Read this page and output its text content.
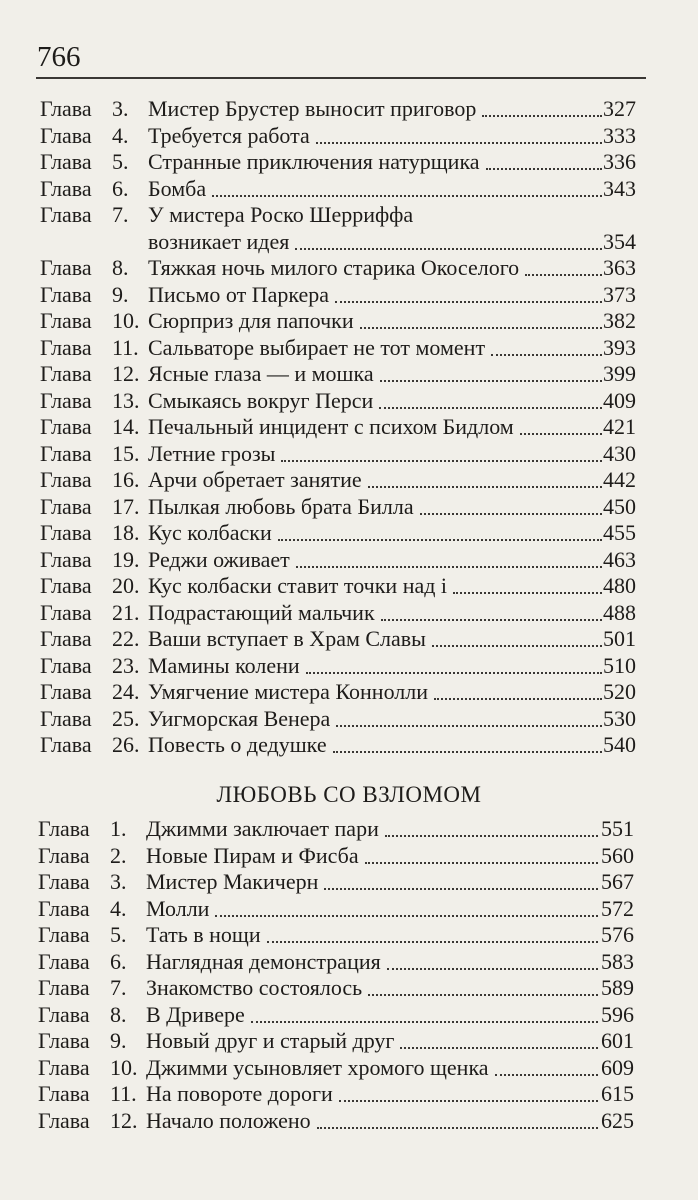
766
Глава 3. Мистер Брустер выносит приговор	327
Глава 4. Требуется работа	333
Глава 5. Странные приключения натурщика	336
Глава 6. Бомба	343
Глава 7. У мистера Роско Шерриффа
возникает идея	354
Глава 8. Тяжкая ночь милого старика Окоселого	363
Глава 9. Письмо от Паркера	373
Глава 10. Сюрприз для папочки	382
Глава 11. Сальваторе выбирает не тот момент	393
Глава 12. Ясные глаза — и мошка	399
Глава 13. Смыкаясь вокруг Перси	409
Глава 14. Печальный инцидент с психом Бидлом	421
Глава 15. Летние грозы	430
Глава 16. Арчи обретает занятие	442
Глава 17. Пылкая любовь брата Билла	450
Глава 18. Кус колбаски	455
Глава 19. Реджи оживает	463
Глава 20. Кус колбаски ставит точки над і	480
Глава 21. Подрастающий мальчик	488
Глава 22. Ваши вступает в Храм Славы	501
Глава 23. Мамины колени	510
Глава 24. Умягчение мистера Коннолли	520
Глава 25. Уигморская Венера	530
Глава 26. Повесть о дедушке	540
ЛЮБОВЬ СО ВЗЛОМОМ
Глава 1. Джимми заключает пари	551
Глава 2. Новые Пирам и Фисба	560
Глава 3. Мистер Макичерн	567
Глава 4. Молли	572
Глава 5. Тать в нощи	576
Глава 6. Наглядная демонстрация	583
Глава 7. Знакомство состоялось	589
Глава 8. В Дривере	596
Глава 9. Новый друг и старый друг	601
Глава 10. Джимми усыновляет хромого щенка	609
Глава 11. На повороте дороги	615
Глава 12. Начало положено	625
